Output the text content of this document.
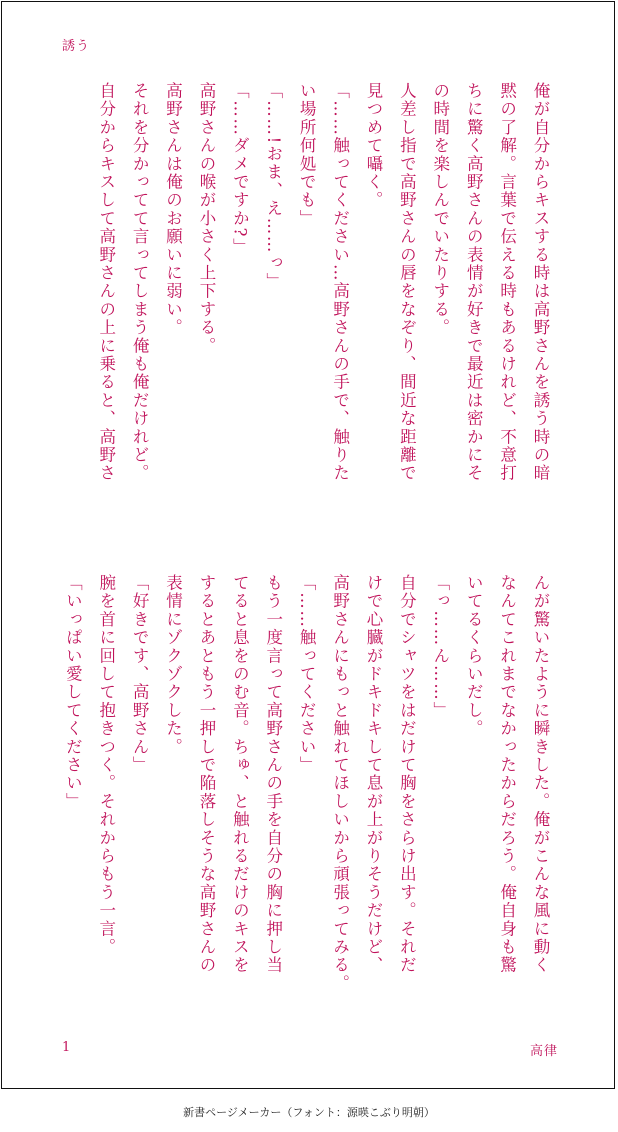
誘う
俺が自分からキスする時は高野さんを誘う時の暗
黙の了解。言葉で伝える時もあるけれど、不意打
ちに驚く高野さんの表情が好きで最近は密かにそ
の時間を楽しんでいたりする。
人差し指で高野さんの唇をなぞり、間近な距離で
見つめて囁く。
「……触ってください…高野さんの手で、触りた
い場所何処でも」
「……!おま、え……っ」
「……ダメですか?」
高野さんの喉が小さく上下する。
高野さんは俺のお願いに弱い。
それを分かってて言ってしまう俺も俺だけれど。
自分からキスして高野さんの上に乗ると、高野さ
んが驚いたように瞬きした。俺がこんな風に動く
なんてこれまでなかったからだろう。俺自身も驚
いてるくらいだし。
「っ……ん……」
自分でシャツをはだけて胸をさらけ出す。それだ
けで心臓がドキドキして息が上がりそうだけど、
高野さんにもっと触れてほしいから頑張ってみる。
「……触ってください」
もう一度言って高野さんの手を自分の胸に押し当
てると息をのむ音。ちゅ、と触れるだけのキスを
するとあともう一押しで陥落しそうな高野さんの
表情にゾクゾクした。
「好きです、高野さん」
腕を首に回して抱きつく。それからもう一言。
「いっぱい愛してください」
1	高律
新書ページメーカー（フォント：源暎こぶり明朝）
